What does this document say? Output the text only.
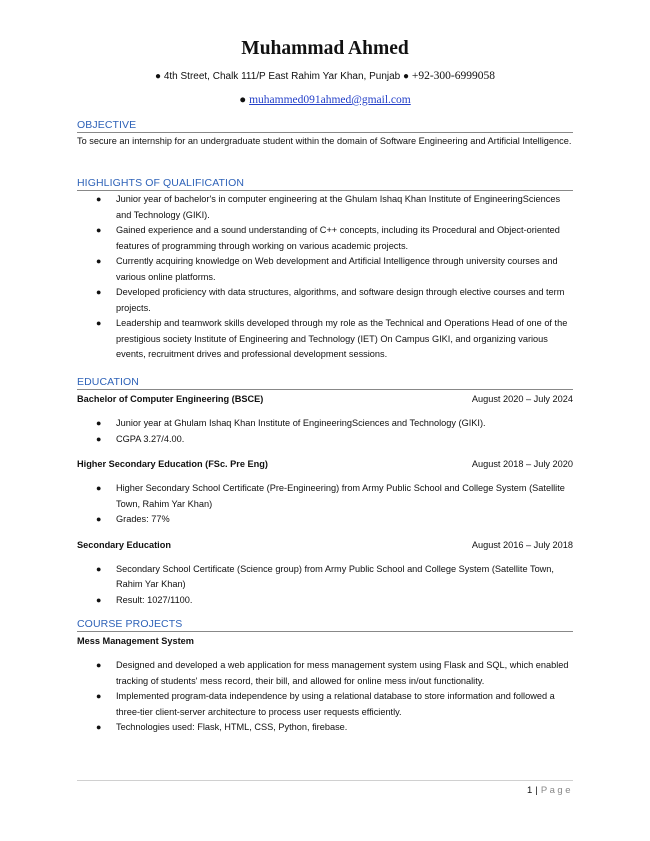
Muhammad Ahmed
● 4th Street, Chalk 111/P East Rahim Yar Khan, Punjab ● +92-300-6999058
● muhammed091ahmed@gmail.com
OBJECTIVE
To secure an internship for an undergraduate student within the domain of Software Engineering and Artificial Intelligence.
HIGHLIGHTS OF QUALIFICATION
● Junior year of bachelor's in computer engineering at the Ghulam Ishaq Khan Institute of EngineeringSciences and Technology (GIKI).
● Gained experience and a sound understanding of C++ concepts, including its Procedural and Object-oriented features of programming through working on various academic projects.
● Currently acquiring knowledge on Web development and Artificial Intelligence through university courses and various online platforms.
● Developed proficiency with data structures, algorithms, and software design through elective courses and term projects.
● Leadership and teamwork skills developed through my role as the Technical and Operations Head of one of the prestigious society Institute of Engineering and Technology (IET) On Campus GIKI, and organizing various events, recruitment drives and professional development sessions.
EDUCATION
Bachelor of Computer Engineering (BSCE)	August 2020 – July 2024
● Junior year at Ghulam Ishaq Khan Institute of EngineeringSciences and Technology (GIKI).
● CGPA 3.27/4.00.
Higher Secondary Education (FSc. Pre Eng)	August 2018 – July 2020
● Higher Secondary School Certificate (Pre-Engineering) from Army Public School and College System (Satellite Town, Rahim Yar Khan)
● Grades: 77%
Secondary Education	August 2016 – July 2018
● Secondary School Certificate (Science group) from Army Public School and College System (Satellite Town, Rahim Yar Khan)
● Result: 1027/1100.
COURSE PROJECTS
Mess Management System
● Designed and developed a web application for mess management system using Flask and SQL, which enabled tracking of students' mess record, their bill, and allowed for online mess in/out functionality.
● Implemented program-data independence by using a relational database to store information and followed a three-tier client-server architecture to process user requests efficiently.
● Technologies used: Flask, HTML, CSS, Python, firebase.
1 | Page
